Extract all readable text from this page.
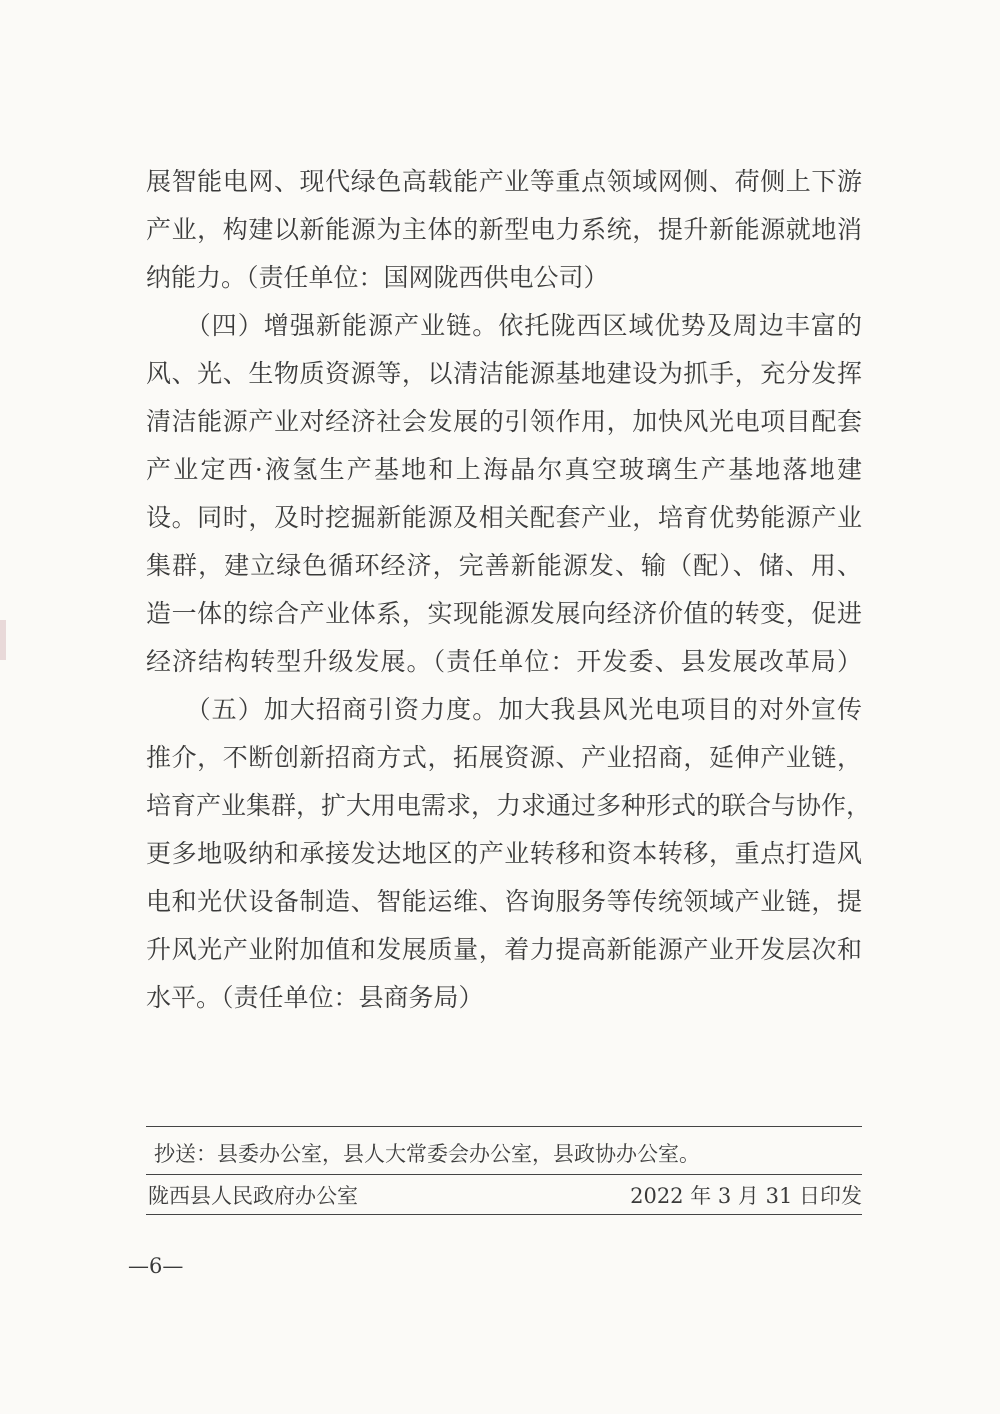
展智能电网、现代绿色高载能产业等重点领域网侧、荷侧上下游
产业，构建以新能源为主体的新型电力系统，提升新能源就地消
纳能力。（责任单位：国网陇西供电公司）
　　（四）增强新能源产业链。依托陇西区域优势及周边丰富的
风、光、生物质资源等，以清洁能源基地建设为抓手，充分发挥
清洁能源产业对经济社会发展的引领作用，加快风光电项目配套
产业定西·液氢生产基地和上海晶尔真空玻璃生产基地落地建
设。同时，及时挖掘新能源及相关配套产业，培育优势能源产业
集群，建立绿色循环经济，完善新能源发、输（配）、储、用、
造一体的综合产业体系，实现能源发展向经济价值的转变，促进
经济结构转型升级发展。（责任单位：开发委、县发展改革局）
　　（五）加大招商引资力度。加大我县风光电项目的对外宣传
推介，不断创新招商方式，拓展资源、产业招商，延伸产业链，
培育产业集群，扩大用电需求，力求通过多种形式的联合与协作，
更多地吸纳和承接发达地区的产业转移和资本转移，重点打造风
电和光伏设备制造、智能运维、咨询服务等传统领域产业链，提
升风光产业附加值和发展质量，着力提高新能源产业开发层次和
水平。（责任单位：县商务局）
抄送：县委办公室，县人大常委会办公室，县政协办公室。
陇西县人民政府办公室	2022 年 3 月 31 日印发
—6—
